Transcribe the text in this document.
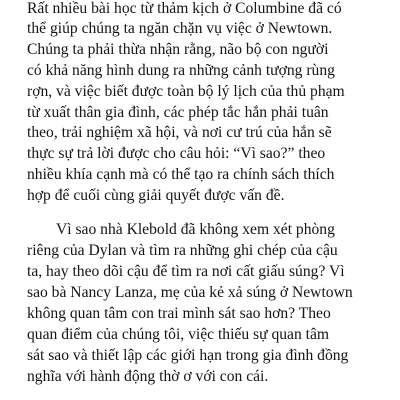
Rất nhiều bài học từ thảm kịch ở Columbine đã có

thể giúp chúng ta ngăn chặn vụ việc ở Newtown.

Chúng ta phải thừa nhận rằng, não bộ con người

có khả năng hình dung ra những cảnh tượng rùng

rợn, và việc biết được toàn bộ lý lịch của thủ phạm

từ xuất thân gia đình, các phép tắc hắn phải tuân

theo, trải nghiệm xã hội, và nơi cư trú của hắn sẽ

thực sự trả lời được cho câu hỏi: “Vì sao?” theo

nhiều khía cạnh mà có thể tạo ra chính sách thích

hợp để cuối cùng giải quyết được vấn đề.

Vì sao nhà Klebold đã không xem xét phòng

riêng của Dylan và tìm ra những ghi chép của cậu

ta, hay theo dõi cậu để tìm ra nơi cất giấu súng? Vì

sao bà Nancy Lanza, mẹ của kẻ xả súng ở Newtown

không quan tâm con trai mình sát sao hơn? Theo

quan điểm của chúng tôi, việc thiếu sự quan tâm

sát sao và thiết lập các giới hạn trong gia đình đồng

nghĩa với hành động thờ ơ với con cái.
